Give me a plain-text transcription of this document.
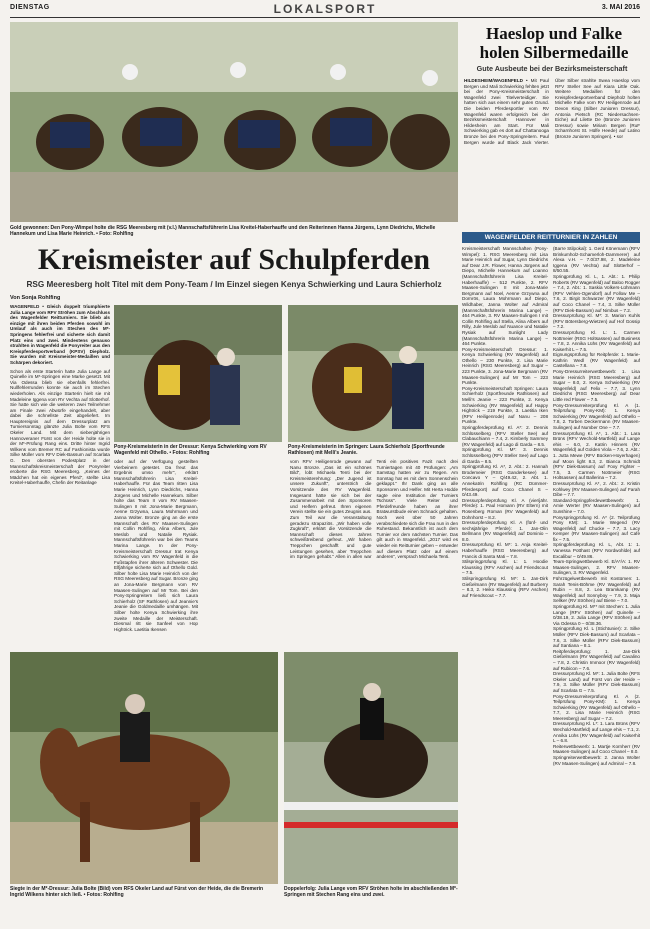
DIENSTAG	LOKALSPORT	3. MAI 2016
Gold gewonnen: Den Pony-Wimpel holte die RSG Meeresberg mit (v.l.) Mannschaftsführerin Lisa Kreitel-Haberhauffe und den Reiterinnen Hanna Jürgens, Lynn Diedrichs, Michelle Hannekum und Lisa Marie Heinrich. • Foto: Rohlfing
Haeslop und Falke holen Silbermedaille
Gute Ausbeute bei der Bezirksmeisterschaft
HILDESHEIM/WAGENFELD • Mit Paul Bergen und Mali Schwierking fehlten jetzt bei der Pony-Kreismeisterschaft in Wagenfeld zwei Titelverteidiger. Sie hatten sich aus einem sehr guten Grund. Die beiden Pferdesportler vom RV Wagenfeld waren erfolgreich bei der Bezirksmeisterschaft Hannover in Hildesheim am Start. Für Mali Schwierking gab es dort auf Chattanooga Bronze bei den Pony-Springreitern. Paul Bergen wurde auf Black Jack Vierter. Über Silber strahlte Swea Haeslop vom RFV Steller See auf Kiara Little Oak. Weitere Medaillen für den Kreispferdesportverband Diepholz holten Michelle Falke vom RV Heiligenrode auf Devon King (Silber Junioren Dressur), Antonia Pietsch (RC Niedersachsen-Eiche) auf Lilette De (Bronze Junioren Dressur) sowie Miriam Bergen (RuF Scharnhorst St. Hülfe Heede) auf Latino (Bronze Junioren Springen). • sor
Kreismeister auf Schulpferden
RSG Meeresberg holt Titel mit dem Pony-Team / Im Einzel siegen Kenya Schwierking und Laura Schierholz
Von Sonja Rohlfing
WAGENFELD • Gleich doppelt triumphierte Julia Lange vom RFV Ströhen zum Abschluss des Wagenfelder Reitturniers. Sie blieb als einzige mit ihren beiden Pferden sowohl im Umlauf als auch im Stechen des M*-Springens fehlerfrei und sicherte sich damit Platz eins und zwei. Mindestens genauso strahlten in Wagenfeld die Ponyreiter aus den Kreispferdesportverband (KPSV) Diepholz. Sie wurden mit Kreismeister-Medaillen und Schärpen dekoriert.
Schon als erste Starterin hatte Julia Lange auf Quinelle im M*-Springen eine Marke gesetzt. Mit Via Odessa blieb sie ebenfalls fehlerfrei. Nullfehlerrunden konnte sie auch im Stechen wiederholen. Als einzige Starterin hielt sie mit Madeleine Iggena vom RV Vechta auf Slotterhof. Sie hatte sich wie die weiteren zwei Teilnehmer am Finale zwei Abwürfe eingehandelt, aber dabei die schnellste Zeit abgeliefert. Im Hauptereignis auf dem Dressurplatz am Turniersonntag glänzte Julia Bolte vom RFS Okeler Land. Mit dem siebenjährigen Hannoveraner Fürst von der Heide holte sie in der M*-Prüfung Rang eins. Dritte hinter Ingrid Wilkens vom Bremer RC auf Fashionista wurde Silke Müller vom RFV Diek-Bassum auf Scarlata G. Den obersten Podestplatz in der Mannschaftskreismeisterschaft der Ponyreiter eroberte die RSG Meeresberg. „Keines der Mädchen hat ein eigenes Pferd", stellte Lisa Kreitel-Haberhauffe, Chefin der Reitanlage
Pony-Kreismeisterin in der Dressur: Kenya Schwierking vom RV Wagenfeld mit Othello. • Fotos: Rohlfing
Pony-Kreismeisterin im Springen: Laura Schierholz (Sportfreunde Rathlosen) mit Melli's Jeanie.
oder auf der Verfügung gestellten Vierbeinern getestet. Da freut das Ergebnis umso mehr", erklärt Mannschaftsführerin Lisa Kreitel-Haberhauffe. Für das Team ritten Lisa Marie Heinrich, Lynn Diedrichs, Hanna Jürgens und Michelle Hannekum. Silber holte das Team II vom RV Maasen-Sulingen II mit Jona-Marie Bergmann, Aenne Grzywna, Laura Mohrmann und Janna Wolter. Bronze ging an die erste Mannschaft des RV Maasen-Sulingen mit Collin Rohlfing, Alina Albers, Jule Meslob und Natalie Rysiak. Mannschaftsführerin war bei den Teams Marina Lange. In der Pony-Kreismeisterschaft Dressur trat Kenya Schwierking vom RV Wagenfeld in die Fußstapfen ihrer älteren Schwester. Die Elfjährige sicherte sich auf Othello Gold. Silber holte Lisa Marie Heinrich von der RSG Meeresberg auf Sugar. Bronze ging an Jona-Marie Bergmann vom RV Maasen-Sulingen auf Mr Tom. Bei den Pony-Springreitern ließ sich Laura Schierholz (SF Rathlosen) auf Jeannie's Jeanie die Goldmedaille umhängen. Mit Silber holte Kenya Schwierking ihre zweite Medaille der Meisterschaft. Diesmal ritt sie Sanfeel von Hop Hightrick. Laetitia Ikensen
vom RFV Heiligenrode gewann auf Nanu Bronze. „Das ist ein schönes Bild", lobt Michaela Tenti bei der Kreismeisterehrung: „Der Jugend ist unsere Zukunft", unterstrich die Vorsitzende des RV Wagenfeld. Insgesamt hätte sie sich bei der Zusammenarbeit mit den Sponsoren und Helfern gefreut. Ihren eigenen Verein stellte sie ein gutes Zeugnis aus. Zum Teil war die Veranstaltung geradezu strapaziös. „Wir haben volle Zugkraft", erklärt die Vorsitzende die Mannschaft dieses Jahres schweißtreibend gefreut. „Wir haben Treppchen geschafft und gute Leistungen gesehen, aber Treppchen im Springen gehabt." Allen in allen war Tenti ein positives Fazit nach drei Turniertagen mit 40 Prüfungen: „Am Samstag hatten wir zu Regen. Am Sonntag hat es mit dem Sonnenschein geklappt." Ihr Dank ging an alle Sponsoren und Helfer. Mit Herta Hodde sagte eine Institution der Turniers Tschüss". Viele Reiter und Pferdefreunde haben an ihrer Bratwurstbude einen Schnack gehalten. Noch weit über 50 Jahren verabschiedete sich die Frau nun in den Ruhestand. Bekanntlich ist auch dem Turnier vor dem nächsten Turnier. Das gilt auch in Wagenfeld. „2017 wird es wieder ein Reitturnier geben – entweder auf diesem Platz oder auf einem anderen", versprach Michaela Tenti.
Siegte in der M*-Dressur: Julia Bolte (Bild) vom RFS Okeler Land auf Fürst von der Heide, die die Bremerin Ingrid Wilkens hinter sich ließ. • Fotos: Rohlfing
Doppelerfolg: Julia Lange vom RFV Ströhen holte im abschließenden M*-Springen mit Stechen Rang eins und zwei.
WAGENFELDER REITTURNIER IN ZAHLEN
Kreismeisterschaft Mannschaften (Pony-Wimpel): 1. RSG Meeresberg mit Lisa Marie Heinrich auf Sugar, Lynn Diedrichs auf Dear J.R. Flower, Hanna Jürgens auf Diepo, Michelle Hannekum auf Loanno (Mannschaftsführerin Lisa Kreitel-Haberhauffe) – 512 Punkte, 2. RFV Maasen-Sulingen II mit Jona-Marie Bergmann auf Noel, Aenne Grzywna auf Dornrös, Laura Mohrmann auf Diepo, Wildhaber, Janna Wolter auf Admiral (Mannschaftsführerin Marina Lange) – 464 Punkte, 3. RV Maasen-Sulingen I mit Collin Rohlfing auf Stella, Alina Albers auf Rilly, Jule Meslob auf Nuance und Natalie Rysiak auf Sunlight Lady (Mannschaftsführerin Marina Lange) – 464 Punkte.
Pony-Kreismeisterschaft Dressur: 1. Kenya Schwierking (RV Wagenfeld) auf Othello – 230 Punkte, 2. Lisa Marie Heinrich (RSG Meeresberg) auf Sugar – 223 Punkte, 3. Jona-Marie Bergmann (RV Maasen-Sulingen) auf Mr Tom – 223 Punkte.
Pony-Kreismeisterschaft Springen: Laura Schierholz (Sportfreunde Rathlosen) auf Melli's Jeanie – 223 Punkte, 2. Kenya Schwierking (RV Wagenfeld) auf Happy Hightrick – 219 Punkte, 3. Laetitia Iken (RFV Heiligenrode) auf Nanu – 208 Punkte.
Springpferdeprüfung Kl. A*: 2. Dennis Schlüsselberg (RFV Steller See) auf Clabauchiann – 7.4, 2. Kimberly Sammey (RV Wagenfeld) auf Lago di Garda – 8.5.
Springprüfung Kl. M*: 3. Dennis Schlüsselberg (RFV Steller See) auf Lago di Garda – 8.5.
Springprüfung Kl. A*, 2. Abt.: 2. Hannah Brodemeier (RSG Ganderkesee) auf Concavo Y – Q/49.42, 2. Abt. 1. Annekatrin Rohlfing (RC Dümmer-Pferdesport) auf Coco Chanel S – 0/43.49.
Dressurpferdeprüfung Kl. A (vier/jähr. Pferde): 1. Paul Homann (RV Eltern) mit Rosenberg Roman (RV Wagenfeld) auf Dohnhorst – 8.2.
Dressurpferdeprüfung Kl. A (fünf- und sechsjährige Pferde): 1. Jan-Olin Bellmann (RV Wagenfeld) auf Dominio – 8.0.
Dressurprüfung Kl. M*: 1. Anja Kreitel-Haberhauffe (RSG Meeresberg) auf Francis di Santa Mati – 7.8.
Stilspringprüfung Kl. L: 1. Hoodie Klaussing (RFV Aschen) auf Friendscout – 7.5.
Stilspringprüfung Kl. M*: 1. Jan-Dirk Gießelmann (RV Wagenfeld) auf Burberry – 8.3, 2. Heiko Klaussing (RFV Aschen) auf Friendscout – 7.7.
(Barre Stilpokal): 1. Gerd Könemann (RFV Brinkumholz-Schamerloh-Dammerer) auf Alexa v.H. – 7.0/37.98, 2. Madeleine Iggena (RV Vechta) auf Slotterhof – 8/50.55.
Springprüfung Kl. L, 1. Abt.: 1. Philip Roberts (RV Wagenfeld) auf Baloo Rogger – 7.4, 2. Abt.: 1. Saskia Volkers-Lühmann (RFV Vehlen-Ogendorf) auf Follow Me – 7.6, 2. Birgit Schwarzer (RV Wagenfeld) auf Coco Chanel – 7.4, 3. Silke Müller (RFV Diek-Bassum) auf Nimbus – 7.2.
Dressurprüfung Kl. M*: 3. Marion Kuhls (RFV Bötersberg-Wietzen) auf Hof Gossip – 7.2.
Dressurprüfung Kl. L: 1. Carmen Nottmeier (RSG Holtsassen) auf Business – 7.8, 2. Annika Lühs (RV Wagenfeld) auf Kaiserhit L – 7.5.
Eignungsprüfung für Reitpferde: 1. Marie-Kathrin Wedl (RV Wagenfeld) auf Castellana – 7.8.
Pony-Dressurreiterwettbewerb: 1. Lisa Marie Heinrich (RSG Meeresberg) auf Sugar – 8.0, 2. Kenya Schwierking (RV Wagenfeld) auf Felix – 7.7, 3. Lynn Diedrichs (RSG Meeresberg) auf Dear Little red Flower – 7.5.
Pony-Dressurreiterprüfung Kl. A (1. Teilprüfung Pony-KM): 1. Kenya Schwierking (RV Wagenfeld) auf Othello – 7.8, 2. Torben Deckermann (RV Maasen-Sulingen) auf Number One – 7.7.
Dressurprüfung Kl. A*, 1. Abt.: 1. Lara Brüns (RFV Wechold-Martfeld) auf Lange ehis – 6.0, 2. Katrin Hinners (RV Wagenfeld) auf Golden Viola – 7.6, 2. Abt.: 1. Jutta Mewe (RFV Bücken-Hoyerhagen) auf Moon light 8.3, 2. Bianca Schmidt (RFV Diek-Bassum) auf Foxy Fighter – 7.5, 3. Carmen Nottmeier (RSG Holtsassen) auf Ballerina – 7.2.
Dressurprüfung Kl. A*, 2. Abt.: 2. Kristin Kohlwey (RV Maasen-Sulingen) auf Farah Dibe – 7.7.
Standard-Springpferdewettbewerb: 1. Amie Werter (RV Maasen-Sulingen) auf Sunshine – 7.0.
Ponyspringprüfung Kl. A* (2. Teilprüfung Pony KM): 1. Marie Wegend (RV Wagenfeld) auf Chucke – 7.7, 3. Lacy Kemper (RV Maasen-Sulingen) auf Cafè fix – 7.5.
Springpferdeprüfung Kl. L, Abt. 1: 1. Vanessa Potthast (RFV Nordwohlde) auf Excalibur – 0/49.86.
Team-Springwettbewerb Kl. E/A*/A: 1. RV Maasen-Sulingen, 2. RFV Maasen-Sulingen, 3. RV Wagenfeld.
Führzügelwettbewerb mit Kostümen: 1. Sarah Tenis-Böhme (RV Wagenfeld) auf Rubin – 8.8, 2. Lea Bramkamp (RV Wagenfeld) auf Sonnyboy – 7.9, 3. Maja Sellker (RV Ströhen) auf Biene – 7.0.
Springprüfung Kl. M** mit Stechen: 1. Julia Lange (RFV Ströhen) auf Quinelle – 0/38.19, 2. Julia Lange (RFV Ströhen) auf Via Odessa 0 – 0/38.36.
Springprüfung Kl. L (Stichtunier): 2. Silke Müller (RFV Diek-Bassum) auf Scarlata – 7.6, 3. Silke Müller (RFV Diek-Bassum) auf Santiana – 8.1.
Reitpferdeprüfung: 1. Jan-Dirk Gießelmann (RV Wagenfeld) auf Cavalino – 7.8, 2. Christin Immoor (RV Wagenfeld) auf Rubicon – 7.6.
Dressurprüfung Kl. M*: 1. Julia Bolte (RFS Okeler Land) auf Fürst von der Heide – 7.9, 3. Silke Müller (RFV Diek-Bassum) auf Scarlata G – 7.5.
Pony-Dressurreiterprüfung Kl. A (2. Teilprüfung Pony-KM): 1. Kenya Schwierking (RV Wagenfeld) auf Othello – 7.7, 2. Lisa Marie Heinrich (RSG Meeresberg) auf Sugar – 7.2.
Dressurprüfung Kl. L*: 1. Lara Brüns (RFV Wechold-Martfeld) auf Lange ehis – 7.1, 2. Annika Lühs (RV Wagenfeld) auf Kaiserhit L – 6.8.
Reiterwettbewerb: 1. Martje Kornherr (RV Maasen-Sulingen) auf Coco Chanel – 8.0.
Springreiterwettbewerb: 2. Janna Wolter (RV Maasen-Sulingen) auf Admiral – 7.8.
